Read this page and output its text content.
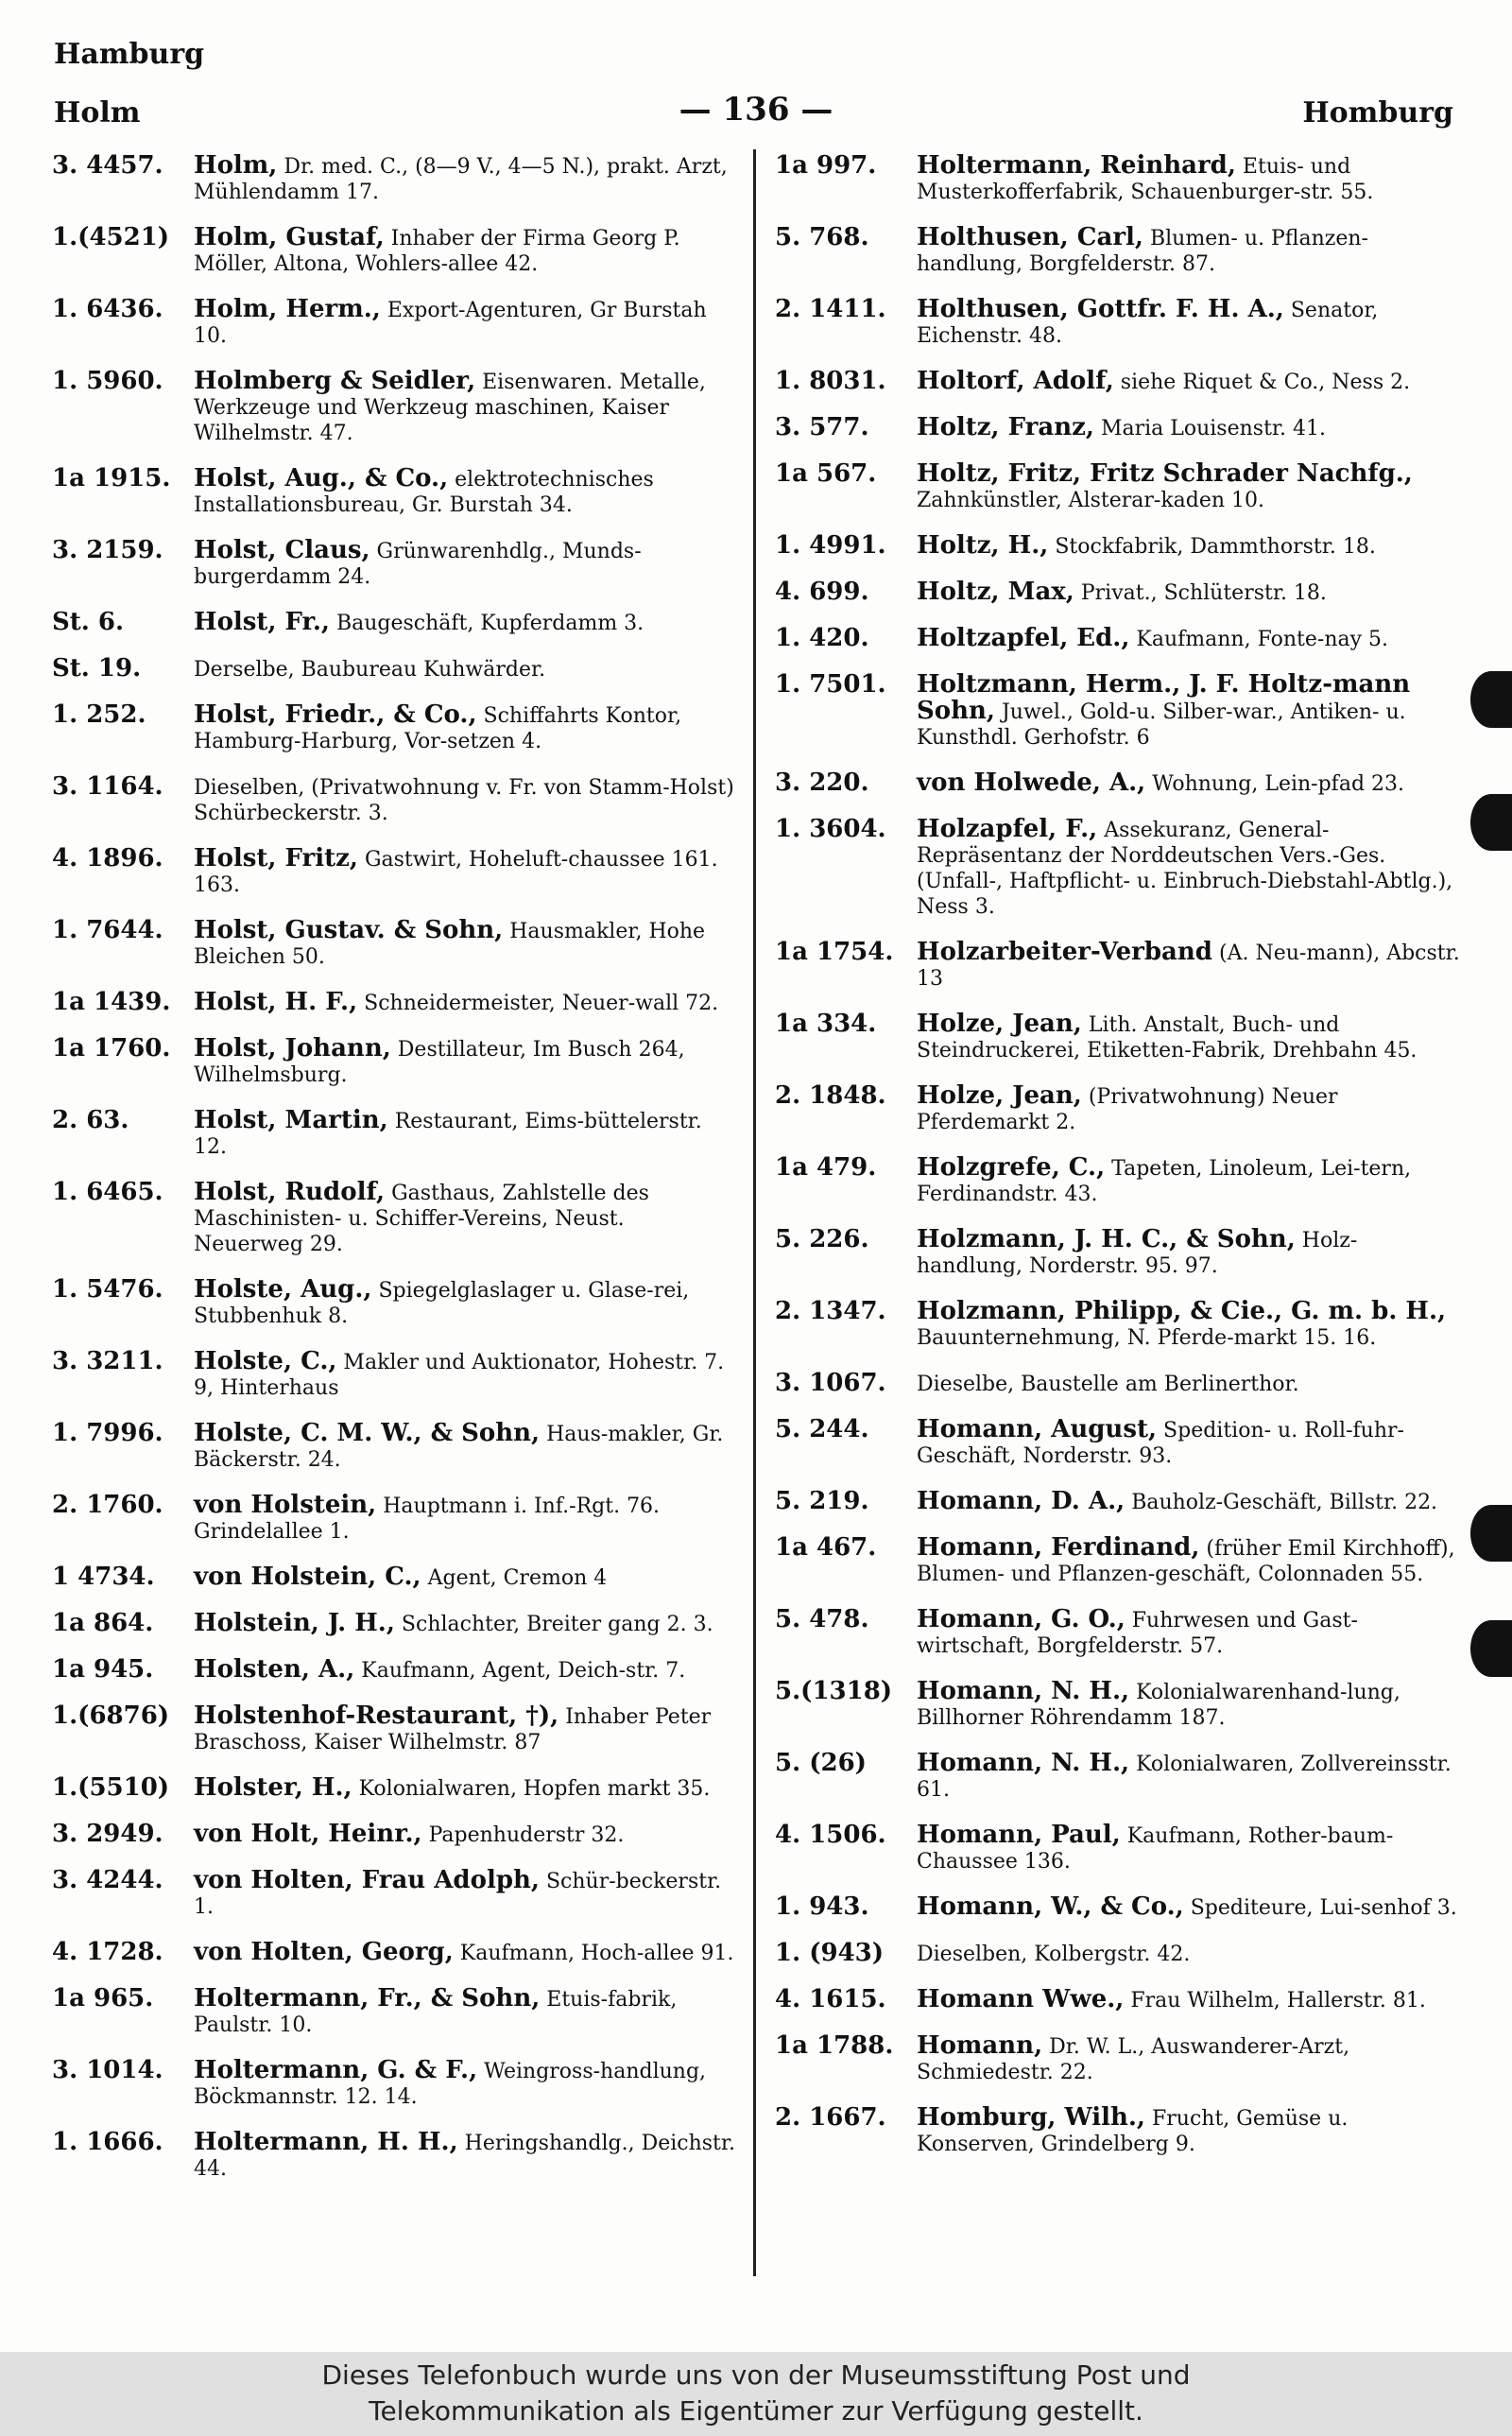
Hamburg
Holm	— 136 —	Homburg
3. 4457.	Holm, Dr. med. C., (8—9 V., 4—5 N.), prakt. Arzt, Mühlendamm 17.
1.(4521) Holm, Gustaf, Inhaber der Firma Georg P. Möller, Altona, Wohlers-allee 42.
1. 6436.	Holm, Herm., Export-Agenturen, Gr Burstah 10.
1. 5960.	Holmberg & Seidler, Eisenwaren. Metalle, Werkzeuge und Werkzeug maschinen, Kaiser Wilhelmstr. 47.
1a 1915. Holst, Aug., & Co., elektrotechnisches Installationsbureau, Gr. Burstah 34.
3. 2159.	Holst, Claus, Grünwarenhdlg., Munds-burgerdamm 24.
St. 6.	Holst, Fr., Baugeschäft, Kupferdamm 3.
St. 19.	Derselbe, Baubureau Kuhwärder.
1. 252.	Holst, Friedr., & Co., Schiffahrts Kontor, Hamburg-Harburg, Vor-setzen 4.
3. 1164.	Dieselben, (Privatwohnung v. Fr. von Stamm-Holst) Schürbeckerstr. 3.
4. 1896.	Holst, Fritz, Gastwirt, Hoheluft-chaussee 161. 163.
1. 7644.	Holst, Gustav. & Sohn, Hausmakler, Hohe Bleichen 50.
1a 1439. Holst, H. F., Schneidermeister, Neuer-wall 72.
1a 1760. Holst, Johann, Destillateur, Im Busch 264, Wilhelmsburg.
2. 63.	Holst, Martin, Restaurant, Eims-büttelerstr. 12.
1. 6465.	Holst, Rudolf, Gasthaus, Zahlstelle des Maschinisten- u. Schiffer-Vereins, Neust. Neuerweg 29.
1. 5476.	Holste, Aug., Spiegelglaslager u. Glase-rei, Stubbenhuk 8.
3. 3211.	Holste, C., Makler und Auktionator, Hohestr. 7. 9, Hinterhaus
1. 7996.	Holste, C. M. W., & Sohn, Haus-makler, Gr. Bäckerstr. 24.
2. 1760.	von Holstein, Hauptmann i. Inf.-Rgt. 76. Grindelallee 1.
1 4734.	von Holstein, C., Agent, Cremon 4
1a 864.	Holstein, J. H., Schlachter, Breiter gang 2. 3.
1a 945.	Holsten, A., Kaufmann, Agent, Deich-str. 7.
1.(6876) Holstenhof-Restaurant, †), Inhaber Peter Braschoss, Kaiser Wilhelmstr. 87
1.(5510) Holster, H., Kolonialwaren, Hopfen markt 35.
3. 2949.	von Holt, Heinr., Papenhuderstr 32.
3. 4244.	von Holten, Frau Adolph, Schür-beckerstr. 1.
4. 1728.	von Holten, Georg, Kaufmann, Hoch-allee 91.
1a 965.	Holtermann, Fr., & Sohn, Etuis-fabrik, Paulstr. 10.
3. 1014.	Holtermann, G. & F., Weingross-handlung, Böckmannstr. 12. 14.
1. 1666.	Holtermann, H. H., Heringshandlg., Deichstr. 44.
1a 997.	Holtermann, Reinhard, Etuis- und Musterkofferfabrik, Schauenburger-str. 55.
5. 768.	Holthusen, Carl, Blumen- u. Pflanzen-handlung, Borgfelderstr. 87.
2. 1411.	Holthusen, Gottfr. F. H. A., Senator, Eichenstr. 48.
1. 8031.	Holtorf, Adolf, siehe Riquet & Co., Ness 2.
3. 577.	Holtz, Franz, Maria Louisenstr. 41.
1a 567.	Holtz, Fritz, Fritz Schrader Nachfg., Zahnkünstler, Alsterar-kaden 10.
1. 4991.	Holtz, H., Stockfabrik, Dammthorstr. 18.
4. 699.	Holtz, Max, Privat., Schlüterstr. 18.
1. 420.	Holtzapfel, Ed., Kaufmann, Fonte-nay 5.
1. 7501.	Holtzmann, Herm., J. F. Holtz-mann Sohn, Juwel., Gold-u. Silber-war., Antiken- u. Kunsthdl. Gerhofstr. 6
3. 220.	von Holwede, A., Wohnung, Lein-pfad 23.
1. 3604.	Holzapfel, F., Assekuranz, General-Repräsentanz der Norddeutschen Vers.-Ges. (Unfall-, Haftpflicht- u. Einbruch-Diebstahl-Abtlg.), Ness 3.
1a 1754. Holzarbeiter-Verband (A. Neu-mann), Abcstr. 13
1a 334.	Holze, Jean, Lith. Anstalt, Buch- und Steindruckerei, Etiketten-Fabrik, Drehbahn 45.
2. 1848.	Holze, Jean, (Privatwohnung) Neuer Pferdemarkt 2.
1a 479.	Holzgrefe, C., Tapeten, Linoleum, Lei-tern, Ferdinandstr. 43.
5. 226.	Holzmann, J. H. C., & Sohn, Holz-handlung, Norderstr. 95. 97.
2. 1347.	Holzmann, Philipp, & Cie., G. m. b. H., Bauunternehmung, N. Pferde-markt 15. 16.
3. 1067.	Dieselbe, Baustelle am Berlinerthor.
5. 244.	Homann, August, Spedition- u. Roll-fuhr-Geschäft, Norderstr. 93.
5. 219.	Homann, D. A., Bauholz-Geschäft, Billstr. 22.
1a 467.	Homann, Ferdinand, (früher Emil Kirchhoff), Blumen- und Pflanzen-geschäft, Colonnaden 55.
5. 478.	Homann, G. O., Fuhrwesen und Gast-wirtschaft, Borgfelderstr. 57.
5.(1318) Homann, N. H., Kolonialwarenhand-lung, Billhorner Röhrendamm 187.
5. (26)	Homann, N. H., Kolonialwaren, Zollvereinsstr. 61.
4. 1506.	Homann, Paul, Kaufmann, Rother-baum-Chaussee 136.
1. 943.	Homann, W., & Co., Spediteure, Lui-senhof 3.
1. (943)	Dieselben, Kolbergstr. 42.
4. 1615.	Homann Wwe., Frau Wilhelm, Hallerstr. 81.
1a 1788. Homann, Dr. W. L., Auswanderer-Arzt, Schmiedestr. 22.
2. 1667.	Homburg, Wilh., Frucht, Gemüse u. Konserven, Grindelberg 9.
Dieses Telefonbuch wurde uns von der Museumsstiftung Post und
Telekommunikation als Eigentümer zur Verfügung gestellt.
